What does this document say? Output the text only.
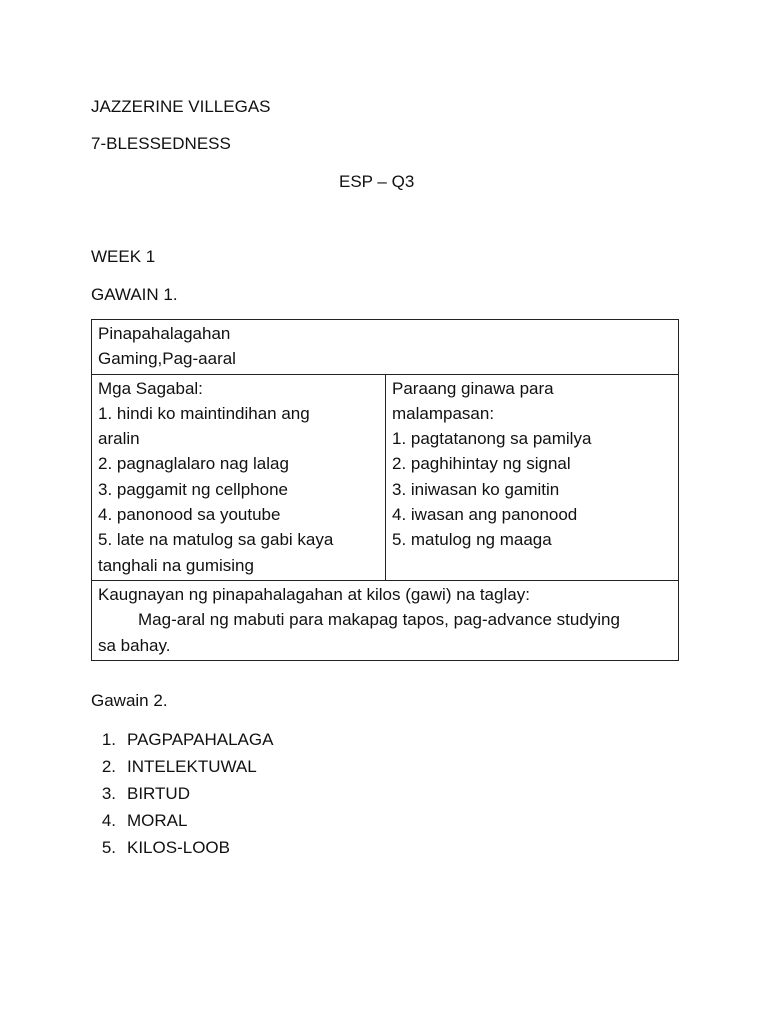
JAZZERINE VILLEGAS
7-BLESSEDNESS
ESP – Q3
WEEK 1
GAWAIN 1.
Pinapahalagahan
Gaming,Pag-aaral

Mga Sagabal:
1. hindi ko maintindihan ang
aralin
2. pagnaglalaro nag lalag
3. paggamit ng cellphone
4. panonood sa youtube
5. late na matulog sa gabi kaya
tanghali na gumising

Paraang ginawa para
malampasan:
1. pagtatanong sa pamilya
2. paghihintay ng signal
3. iniwasan ko gamitin
4. iwasan ang panonood
5. matulog ng maaga

Kaugnayan ng pinapahalagahan at kilos (gawi) na taglay:
Mag-aral ng mabuti para makapag tapos, pag-advance studying
sa bahay.
Gawain 2.
1. PAGPAPAHALAGA
2. INTELEKTUWAL
3. BIRTUD
4. MORAL
5. KILOS-LOOB
